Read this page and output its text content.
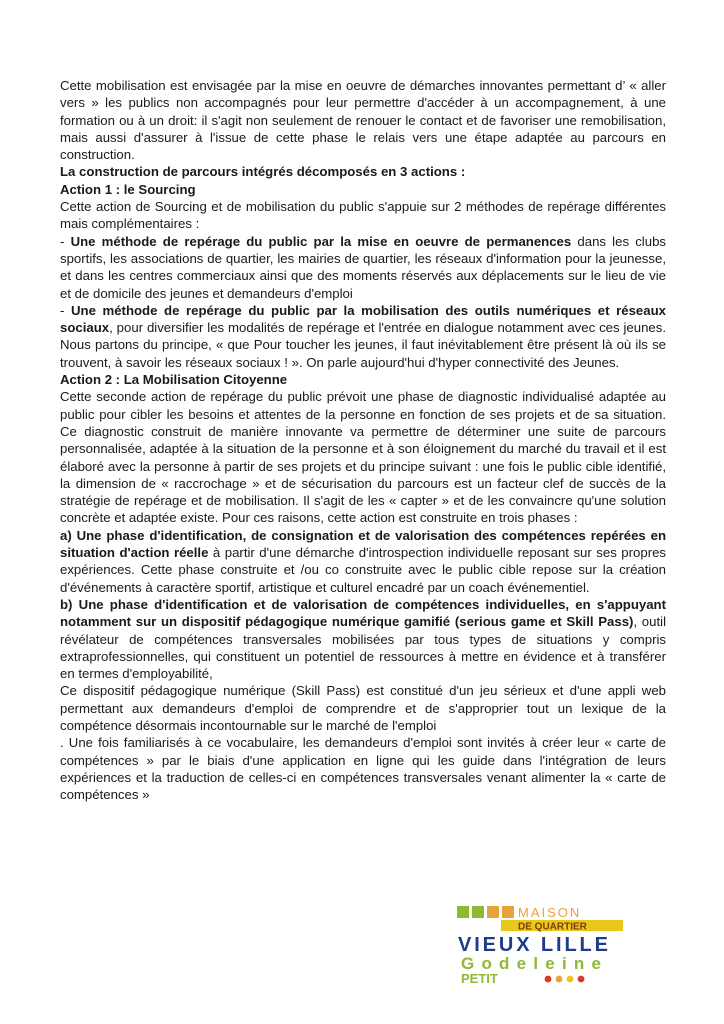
Cette mobilisation est envisagée par la mise en oeuvre de démarches innovantes permettant d’ « aller vers » les publics non accompagnés pour leur permettre d'accéder à un accompagnement, à une formation ou à un droit: il s'agit non seulement de renouer le contact et de favoriser une remobilisation, mais aussi d'assurer à l'issue de cette phase le relais vers une étape adaptée au parcours en construction.

La construction de parcours intégrés décomposés en 3 actions :

Action 1 : le Sourcing

Cette action de Sourcing et de mobilisation du public s'appuie sur 2 méthodes de repérage différentes mais complémentaires :

- Une méthode de repérage du public par la mise en oeuvre de permanences dans les clubs sportifs, les associations de quartier, les mairies de quartier, les réseaux d'information pour la jeunesse, et dans les centres commerciaux ainsi que des moments réservés aux déplacements sur le lieu de vie et de domicile des jeunes et demandeurs d'emploi

- Une méthode de repérage du public par la mobilisation des outils numériques et réseaux sociaux, pour diversifier les modalités de repérage et l'entrée en dialogue notamment avec ces jeunes. Nous partons du principe, « que Pour toucher les jeunes, il faut inévitablement être présent là où ils se trouvent, à savoir les réseaux sociaux ! ». On parle aujourd'hui d'hyper connectivité des Jeunes.

Action 2 : La Mobilisation Citoyenne

Cette seconde action de repérage du public prévoit une phase de diagnostic individualisé adaptée au public pour cibler les besoins et attentes de la personne en fonction de ses projets et de sa situation. Ce diagnostic construit de manière innovante va permettre de déterminer une suite de parcours personnalisée, adaptée à la situation de la personne et à son éloignement du marché du travail et il est élaboré avec la personne à partir de ses projets et du principe suivant : une fois le public cible identifié, la dimension de « raccrochage » et de sécurisation du parcours est un facteur clef de succès de la stratégie de repérage et de mobilisation. Il s'agit de les « capter » et de les convaincre qu'une solution concrète et adaptée existe. Pour ces raisons, cette action est construite en trois phases :

a) Une phase d'identification, de consignation et de valorisation des compétences repérées en situation d'action réelle à partir d'une démarche d'introspection individuelle reposant sur ses propres expériences. Cette phase construite et /ou co construite avec le public cible repose sur la création d'événements à caractère sportif, artistique et culturel encadré par un coach événementiel.

b) Une phase d'identification et de valorisation de compétences individuelles, en s'appuyant notamment sur un dispositif pédagogique numérique gamifié (serious game et Skill Pass), outil révélateur de compétences transversales mobilisées par tous types de situations y compris extraprofessionnelles, qui constituent un potentiel de ressources à mettre en évidence et à transférer en termes d'employabilité,

Ce dispositif pédagogique numérique (Skill Pass) est constitué d'un jeu sérieux et d'une appli web permettant aux demandeurs d'emploi de comprendre et de s'approprier tout un lexique de la compétence désormais incontournable sur le marché de l'emploi

. Une fois familiarisés à ce vocabulaire, les demandeurs d'emploi sont invités à créer leur « carte de compétences » par le biais d'une application en ligne qui les guide dans l'intégration de leurs expériences et la traduction de celles-ci en compétences transversales venant alimenter la « carte de compétences »

MAISON
DE QUARTIER
VIEUX LILLE
Godeleine
PETIT
